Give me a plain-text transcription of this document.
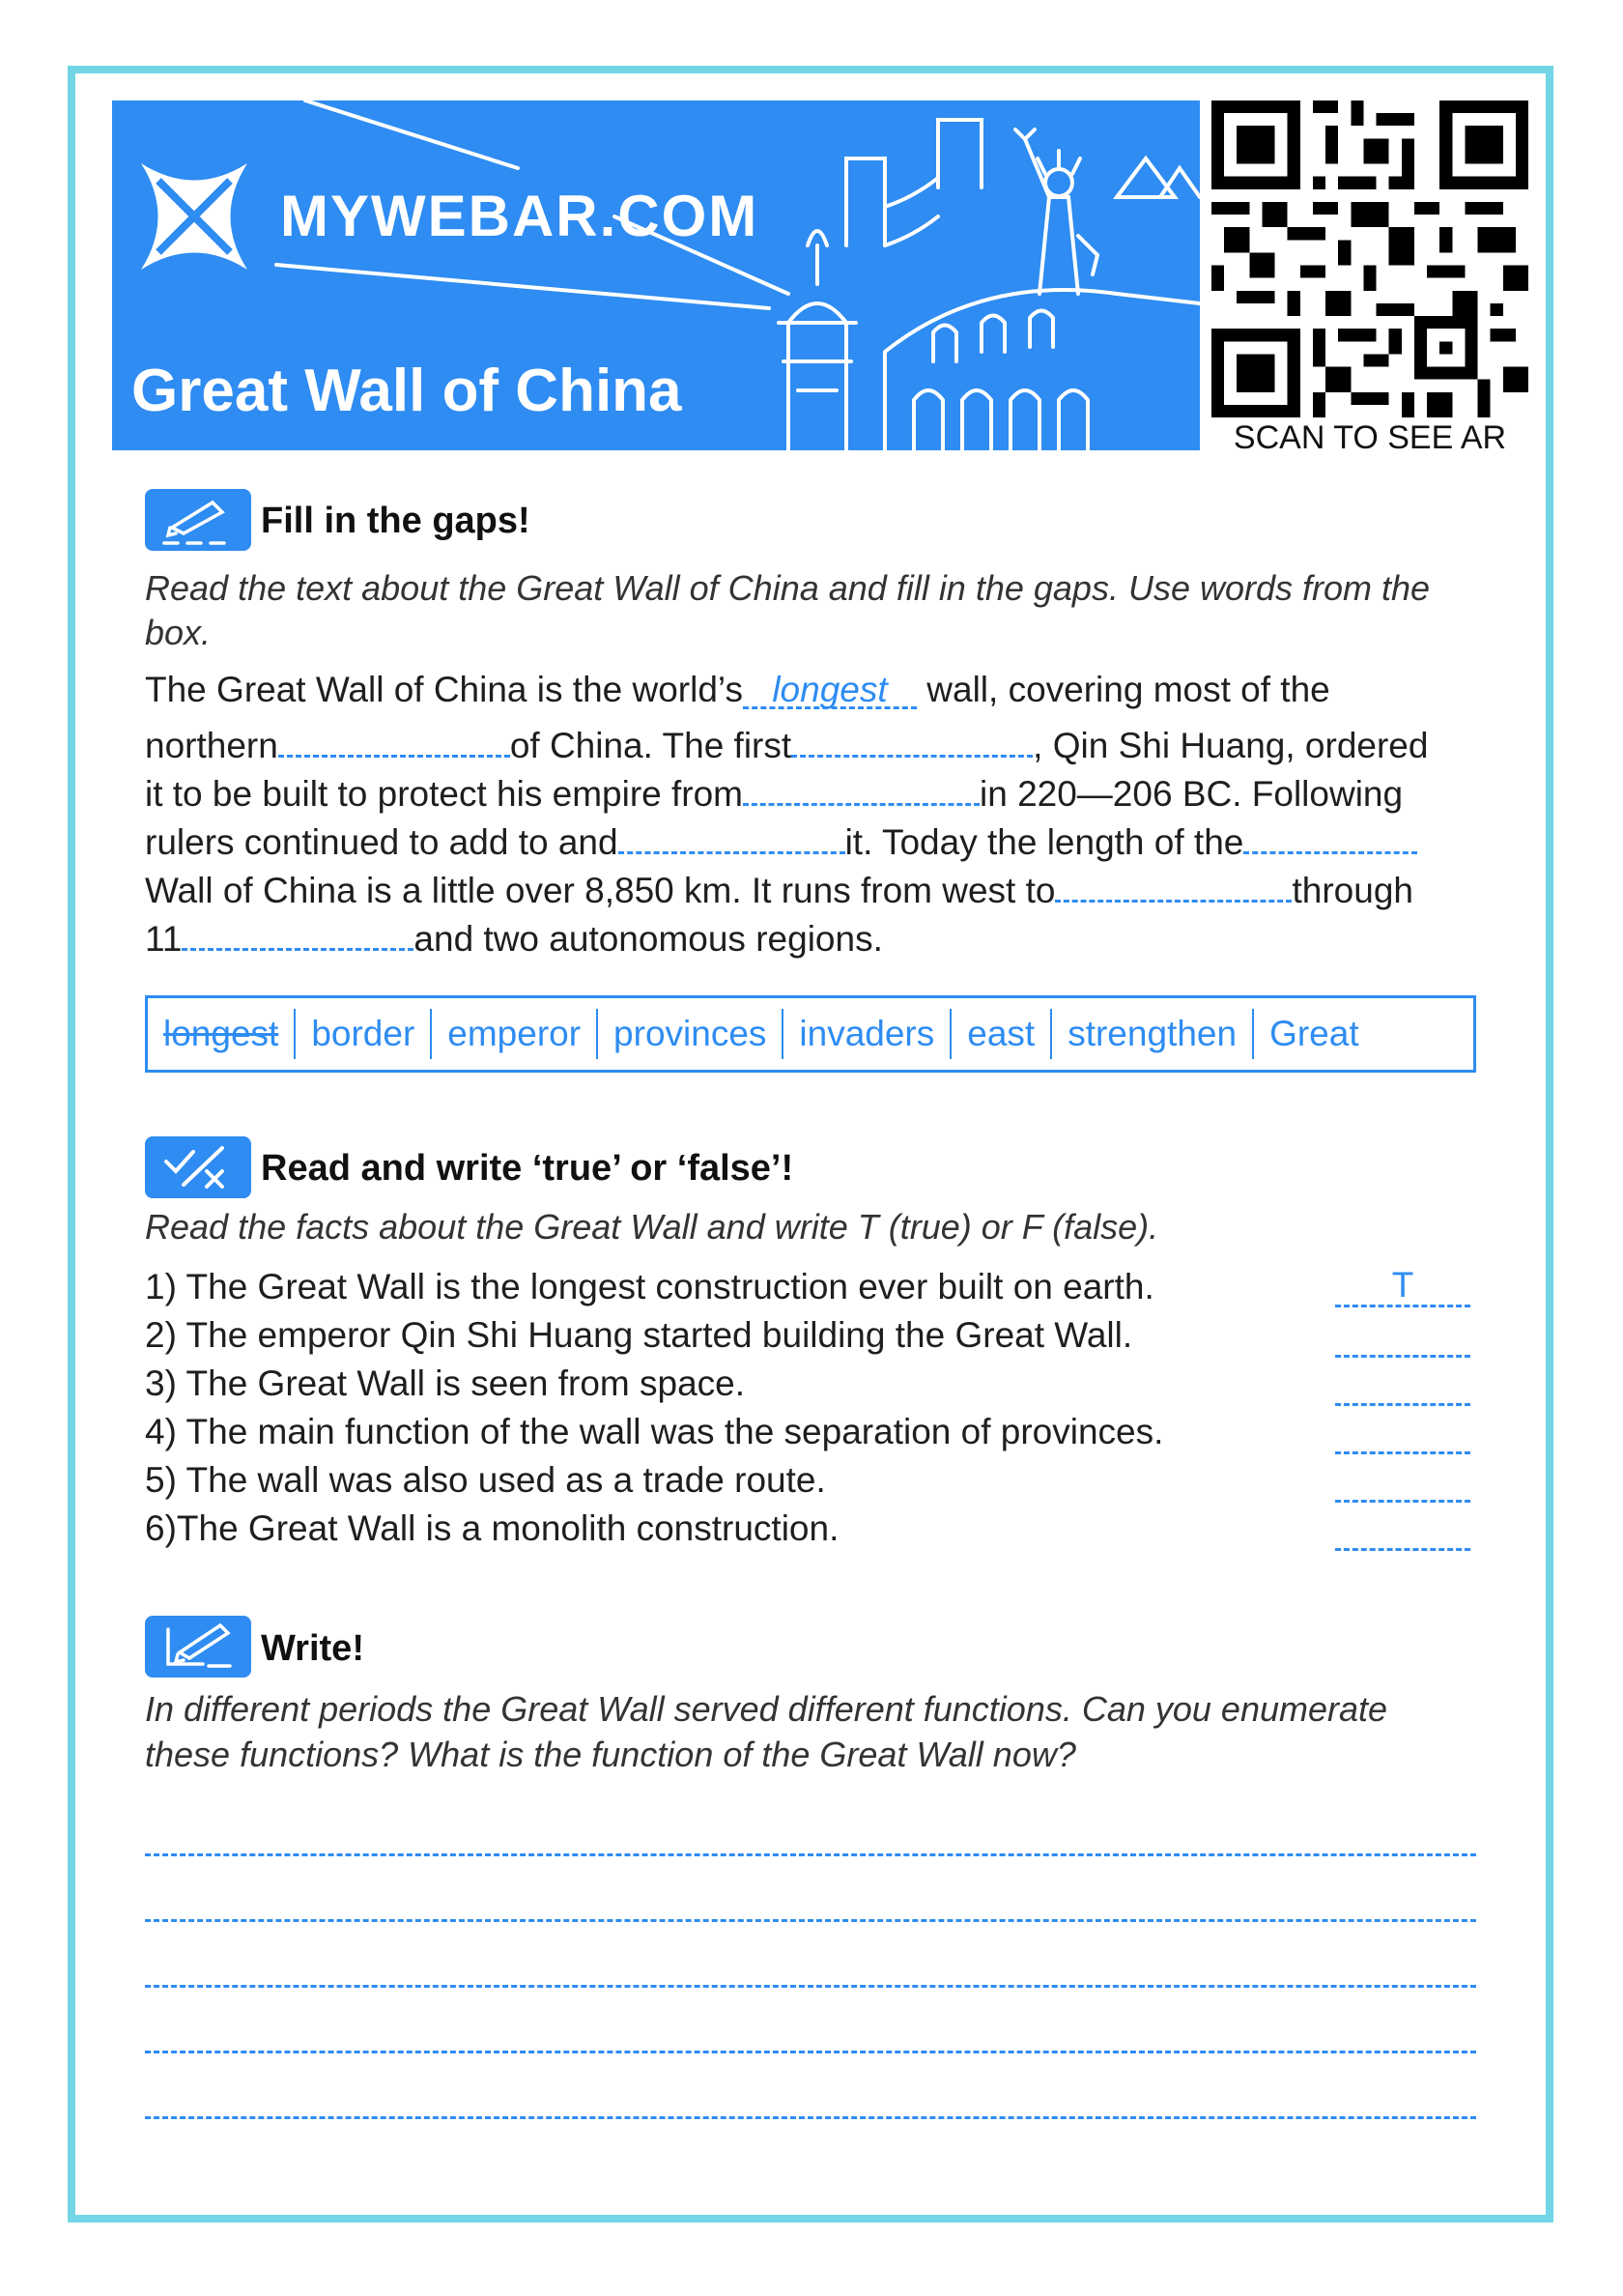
MYWEBAR.COM
Great Wall of China
SCAN TO SEE AR
Fill in the gaps!
Read the text about the Great Wall of China and fill in the gaps. Use words from the box.
The Great Wall of China is the world’s longest wall, covering most of the
northern	of China. The first	, Qin Shi Huang, ordered
it to be built to protect his empire from	in 220—206 BC. Following
rulers continued to add to and	it. Today the length of the
Wall of China is a little over 8,850 km. It runs from west to	through
11	and two autonomous regions.
longest border emperor provinces invaders east strengthen Great
Read and write ‘true’ or ‘false’!
Read the facts about the Great Wall and write T (true) or F (false).
1) The Great Wall is the longest construction ever built on earth.
2) The emperor Qin Shi Huang started building the Great Wall.
3) The Great Wall is seen from space.
4) The main function of the wall was the separation of provinces.
5) The wall was also used as a trade route.
6)The Great Wall is a monolith construction.
T
Write!
In different periods the Great Wall served different functions. Can you enumerate
these functions? What is the function of the Great Wall now?
